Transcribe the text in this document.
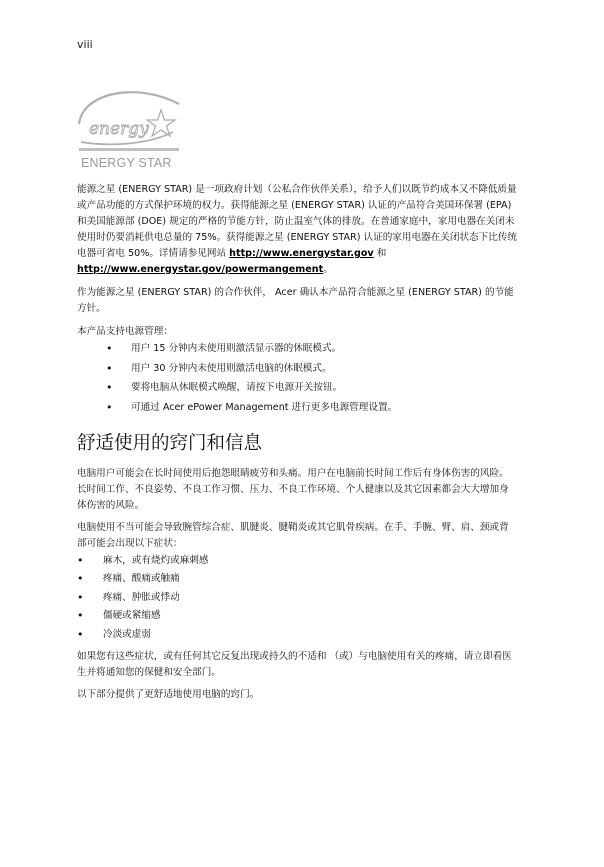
viii
energy
ENERGY STAR

能源之星 (ENERGY STAR) 是一项政府计划（公私合作伙伴关系），给予人们以既节约成本又不降低质量或产品功能的方式保护环境的权力。获得能源之星 (ENERGY STAR) 认证的产品符合美国环保署 (EPA) 和美国能源部 (DOE) 规定的严格的节能方针，防止温室气体的排放。在普通家庭中，家用电器在关闭未使用时仍要消耗供电总量的 75%。获得能源之星 (ENERGY STAR) 认证的家用电器在关闭状态下比传统电器可省电 50%。详情请参见网站 http://www.energystar.gov 和 http://www.energystar.gov/powermangement。

作为能源之星 (ENERGY STAR) 的合作伙伴， Acer 确认本产品符合能源之星 (ENERGY STAR) 的节能方针。

本产品支持电源管理：

• 用户 15 分钟内未使用则激活显示器的休眠模式。
• 用户 30 分钟内未使用则激活电脑的休眠模式。
• 要将电脑从休眠模式唤醒，请按下电源开关按钮。
• 可通过 Acer ePower Management 进行更多电源管理设置。
舒适使用的窍门和信息

电脑用户可能会在长时间使用后抱怨眼睛疲劳和头痛。用户在电脑前长时间工作后有身体伤害的风险。长时间工作、不良姿势、不良工作习惯、压力、不良工作环境、个人健康以及其它因素都会大大增加身体伤害的风险。

电脑使用不当可能会导致腕管综合症、肌腱炎、腱鞘炎或其它肌骨疾病。在手、手腕、臂、肩、颈或背部可能会出现以下症状：

• 麻木，或有烧灼或麻刺感
• 疼痛、酸痛或触痛
• 疼痛、肿胀或悸动
• 僵硬或紧缩感
• 冷淡或虚弱

如果您有这些症状，或有任何其它反复出现或持久的不适和 （或）与电脑使用有关的疼痛，请立即看医生并将通知您的保健和安全部门。

以下部分提供了更舒适地使用电脑的窍门。
